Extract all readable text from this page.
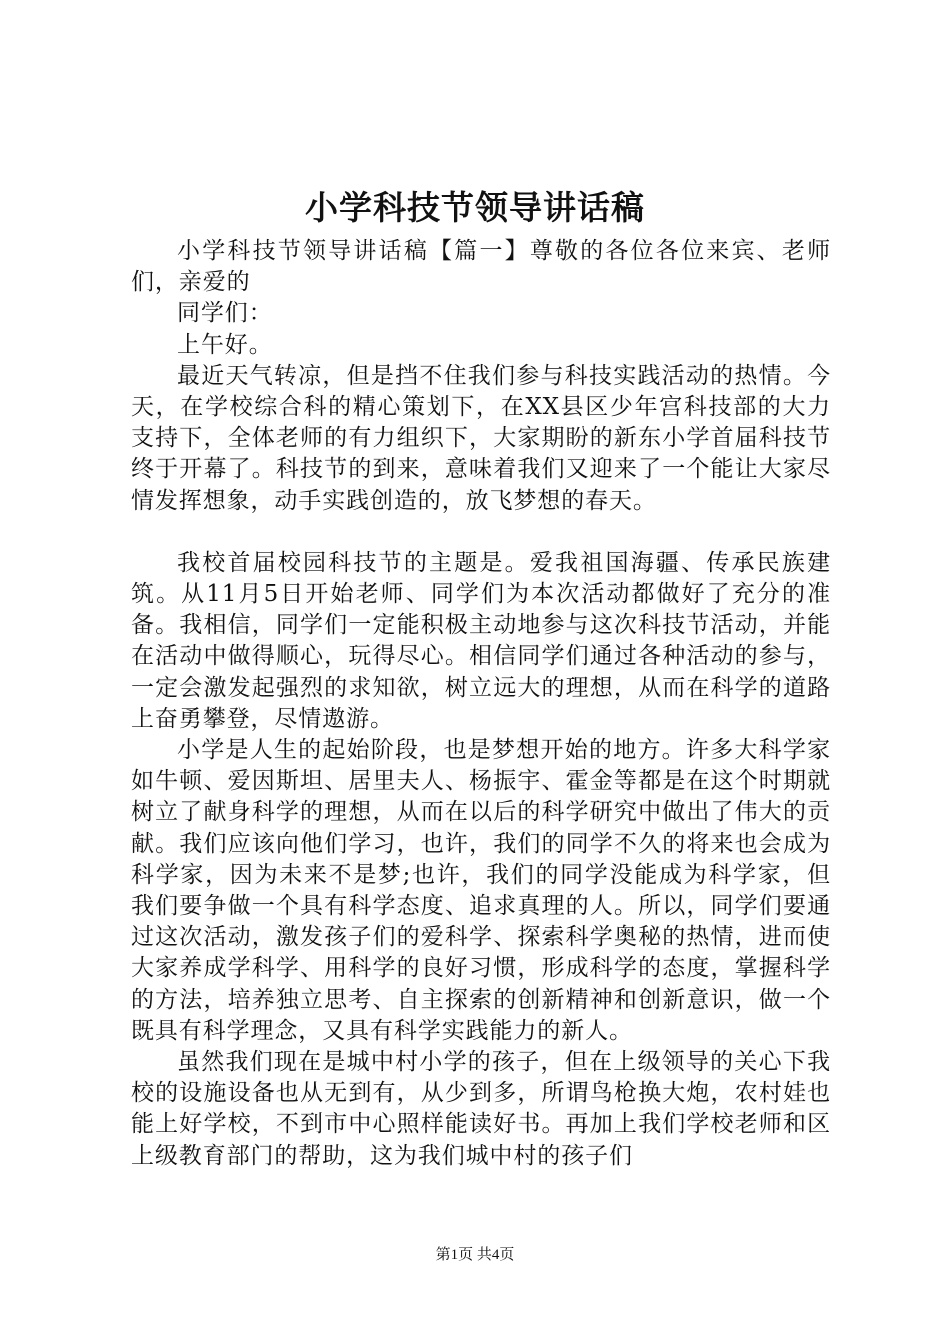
小学科技节领导讲话稿

小学科技节领导讲话稿【篇一】尊敬的各位各位来宾、老师们，亲爱的

同学们：

上午好。

最近天气转凉，但是挡不住我们参与科技实践活动的热情。今天，在学校综合科的精心策划下，在XX县区少年宫科技部的大力支持下，全体老师的有力组织下，大家期盼的新东小学首届科技节终于开幕了。科技节的到来，意味着我们又迎来了一个能让大家尽情发挥想象，动手实践创造的，放飞梦想的春天。

我校首届校园科技节的主题是。爱我祖国海疆、传承民族建筑。从11月5日开始老师、同学们为本次活动都做好了充分的准备。我相信，同学们一定能积极主动地参与这次科技节活动，并能在活动中做得顺心，玩得尽心。相信同学们通过各种活动的参与，一定会激发起强烈的求知欲，树立远大的理想，从而在科学的道路上奋勇攀登，尽情遨游。

小学是人生的起始阶段，也是梦想开始的地方。许多大科学家如牛顿、爱因斯坦、居里夫人、杨振宇、霍金等都是在这个时期就树立了献身科学的理想，从而在以后的科学研究中做出了伟大的贡献。我们应该向他们学习，也许，我们的同学不久的将来也会成为科学家，因为未来不是梦;也许，我们的同学没能成为科学家，但我们要争做一个具有科学态度、追求真理的人。所以，同学们要通过这次活动，激发孩子们的爱科学、探索科学奥秘的热情，进而使大家养成学科学、用科学的良好习惯，形成科学的态度，掌握科学的方法，培养独立思考、自主探索的创新精神和创新意识，做一个既具有科学理念，又具有科学实践能力的新人。

虽然我们现在是城中村小学的孩子，但在上级领导的关心下我校的设施设备也从无到有，从少到多，所谓鸟枪换大炮，农村娃也能上好学校，不到市中心照样能读好书。再加上我们学校老师和区上级教育部门的帮助，这为我们城中村的孩子们

第1页 共4页
